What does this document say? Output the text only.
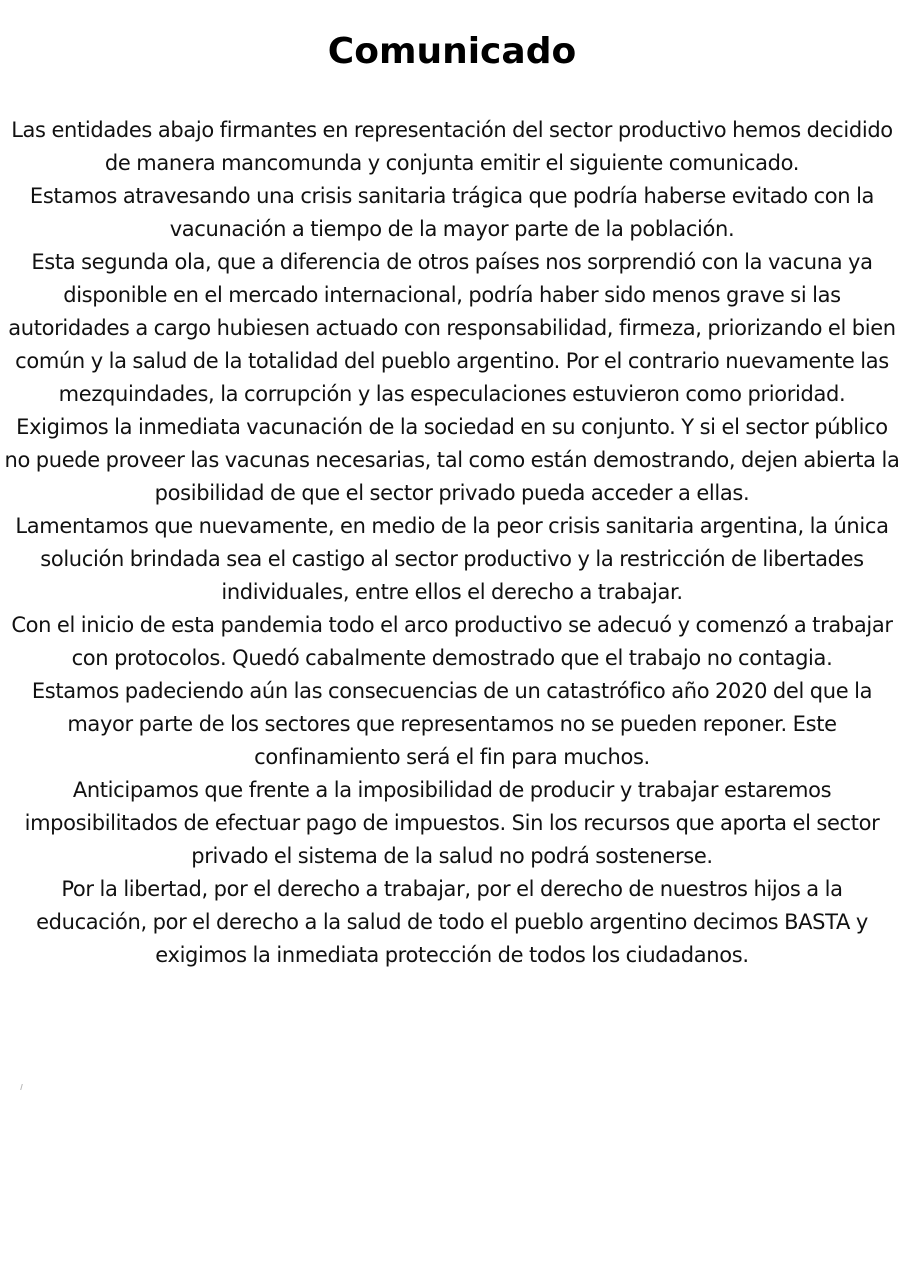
Comunicado

Las entidades abajo firmantes en representación del sector productivo hemos decidido de manera mancomunda y conjunta emitir el siguiente comunicado.

Estamos atravesando una crisis sanitaria trágica que podría haberse evitado con la vacunación a tiempo de la mayor parte de la población.

Esta segunda ola, que a diferencia de otros países nos sorprendió con la vacuna ya disponible en el mercado internacional, podría haber sido menos grave si las autoridades a cargo hubiesen actuado con responsabilidad, firmeza, priorizando el bien común y la salud de la totalidad del pueblo argentino. Por el contrario nuevamente las mezquindades, la corrupción y las especulaciones estuvieron como prioridad.

Exigimos la inmediata vacunación de la sociedad en su conjunto. Y si el sector público no puede proveer las vacunas necesarias, tal como están demostrando, dejen abierta la posibilidad de que el sector privado pueda acceder a ellas.

Lamentamos que nuevamente, en medio de la peor crisis sanitaria argentina, la única solución brindada sea el castigo al sector productivo y la restricción de libertades individuales, entre ellos el derecho a trabajar.

Con el inicio de esta pandemia todo el arco productivo se adecuó y comenzó a trabajar con protocolos. Quedó cabalmente demostrado que el trabajo no contagia.

Estamos padeciendo aún las consecuencias de un catastrófico año 2020 del que la mayor parte de los sectores que representamos no se pueden reponer. Este confinamiento será el fin para muchos.

Anticipamos que frente a la imposibilidad de producir y trabajar estaremos imposibilitados de efectuar pago de impuestos. Sin los recursos que aporta el sector privado el sistema de la salud no podrá sostenerse.

Por la libertad, por el derecho a trabajar, por el derecho de nuestros hijos a la educación, por el derecho a la salud de todo el pueblo argentino decimos BASTA y exigimos la inmediata protección de todos los ciudadanos.
